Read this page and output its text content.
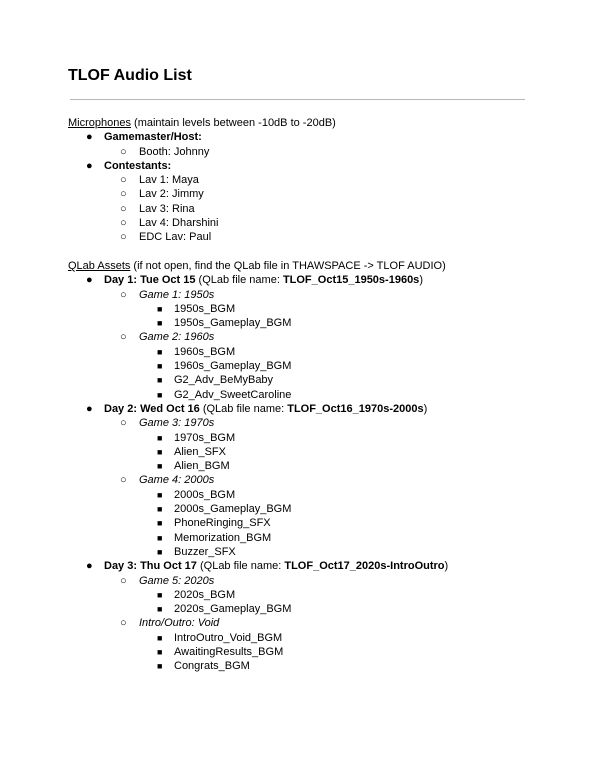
TLOF Audio List

Microphones (maintain levels between -10dB to -20dB)

● Gamemaster/Host:
○ Booth: Johnny
● Contestants:
○ Lav 1: Maya
○ Lav 2: Jimmy
○ Lav 3: Rina
○ Lav 4: Dharshini
○ EDC Lav: Paul

QLab Assets (if not open, find the QLab file in THAWSPACE -> TLOF AUDIO)

● Day 1: Tue Oct 15 (QLab file name: TLOF_Oct15_1950s-1960s)
○ Game 1: 1950s
■ 1950s_BGM
■ 1950s_Gameplay_BGM
○ Game 2: 1960s
■ 1960s_BGM
■ 1960s_Gameplay_BGM
■ G2_Adv_BeMyBaby
■ G2_Adv_SweetCaroline
● Day 2: Wed Oct 16 (QLab file name: TLOF_Oct16_1970s-2000s)
○ Game 3: 1970s
■ 1970s_BGM
■ Alien_SFX
■ Alien_BGM
○ Game 4: 2000s
■ 2000s_BGM
■ 2000s_Gameplay_BGM
■ PhoneRinging_SFX
■ Memorization_BGM
■ Buzzer_SFX
● Day 3: Thu Oct 17 (QLab file name: TLOF_Oct17_2020s-IntroOutro)
○ Game 5: 2020s
■ 2020s_BGM
■ 2020s_Gameplay_BGM
○ Intro/Outro: Void
■ IntroOutro_Void_BGM
■ AwaitingResults_BGM
■ Congrats_BGM
